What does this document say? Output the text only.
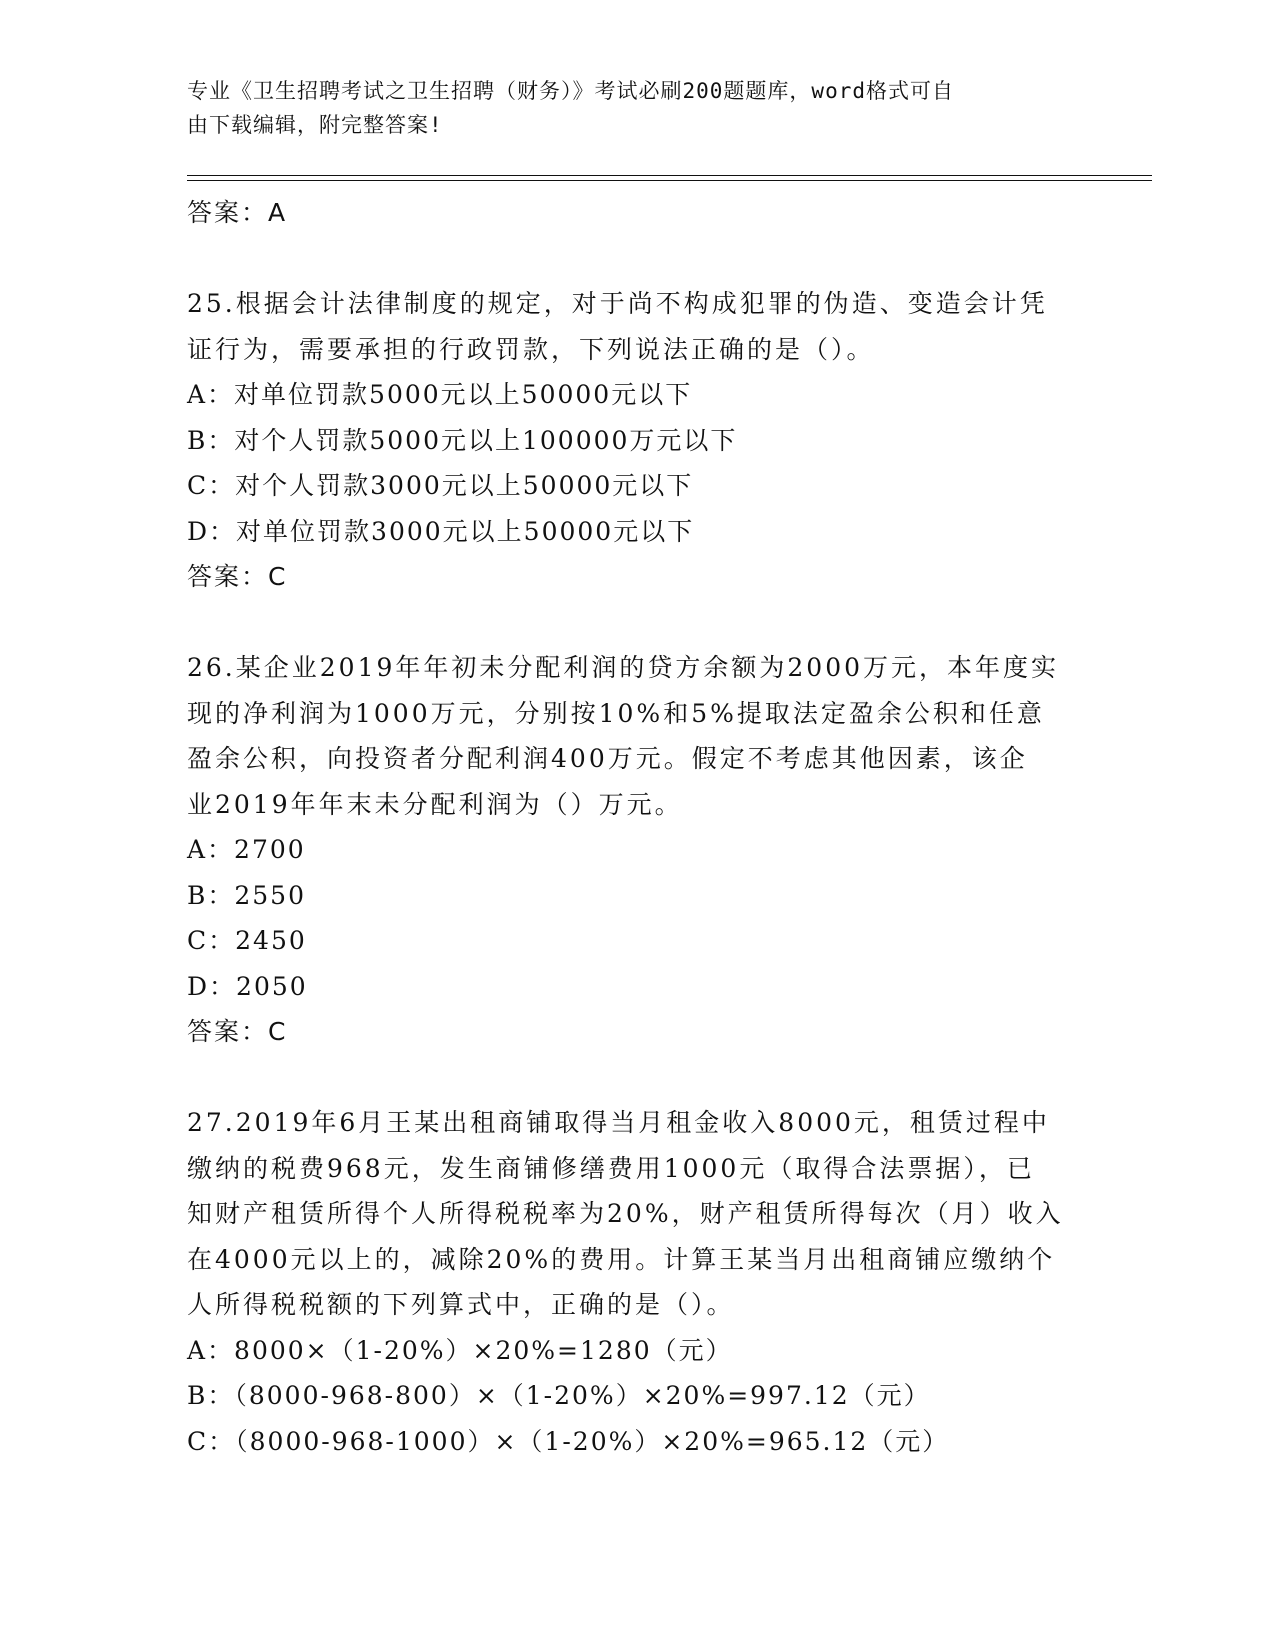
专业《卫生招聘考试之卫生招聘（财务）》考试必刷200题题库，word格式可自
由下载编辑，附完整答案!
答案：A
25.根据会计法律制度的规定，对于尚不构成犯罪的伪造、变造会计凭
证行为，需要承担的行政罚款，下列说法正确的是（）。
A：对单位罚款5000元以上50000元以下
B：对个人罚款5000元以上100000万元以下
C：对个人罚款3000元以上50000元以下
D：对单位罚款3000元以上50000元以下
答案：C
26.某企业2019年年初未分配利润的贷方余额为2000万元，本年度实
现的净利润为1000万元，分别按10%和5%提取法定盈余公积和任意
盈余公积，向投资者分配利润400万元。假定不考虑其他因素，该企
业2019年年末未分配利润为（）万元。
A：2700
B：2550
C：2450
D：2050
答案：C
27.2019年6月王某出租商铺取得当月租金收入8000元，租赁过程中
缴纳的税费968元，发生商铺修缮费用1000元（取得合法票据），已
知财产租赁所得个人所得税税率为20%，财产租赁所得每次（月）收入
在4000元以上的，减除20%的费用。计算王某当月出租商铺应缴纳个
人所得税税额的下列算式中，正确的是（）。
A：8000×（1-20%）×20%=1280（元）
B：（8000-968-800）×（1-20%）×20%=997.12（元）
C：（8000-968-1000）×（1-20%）×20%=965.12（元）
